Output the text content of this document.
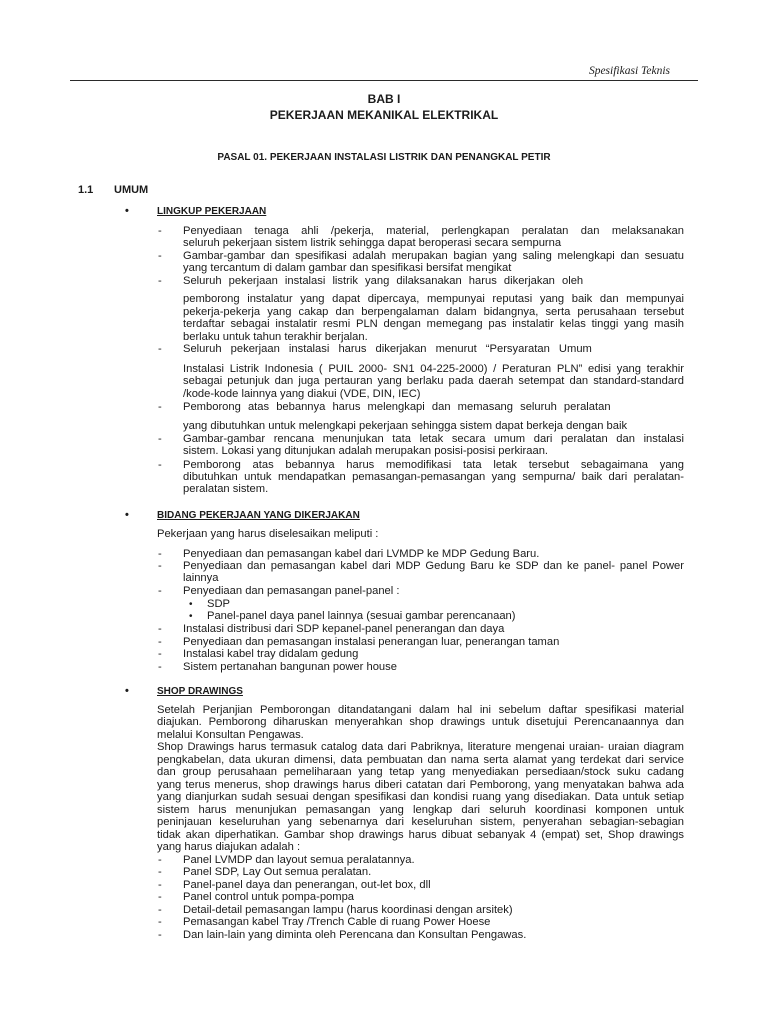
Spesifikasi Teknis
BAB I
PEKERJAAN MEKANIKAL ELEKTRIKAL
PASAL 01. PEKERJAAN INSTALASI LISTRIK DAN PENANGKAL PETIR
1.1 UMUM
•	LINGKUP PEKERJAAN
- Penyediaan tenaga ahli /pekerja, material, perlengkapan peralatan dan melaksanakan
seluruh pekerjaan sistem listrik sehingga dapat beroperasi secara sempurna
- Gambar-gambar dan spesifikasi adalah merupakan bagian yang saling melengkapi dan sesuatu
yang tercantum di dalam gambar dan spesifikasi bersifat mengikat
- Seluruh pekerjaan instalasi listrik yang dilaksanakan harus dikerjakan oleh
pemborong instalatur yang dapat dipercaya, mempunyai reputasi yang baik dan mempunyai
pekerja-pekerja yang cakap dan berpengalaman dalam bidangnya, serta perusahaan tersebut
terdaftar sebagai instalatir resmi PLN dengan memegang pas instalatir kelas tinggi yang masih
berlaku untuk tahun terakhir berjalan.
- Seluruh pekerjaan instalasi harus dikerjakan menurut “Persyaratan Umum
Instalasi Listrik Indonesia ( PUIL 2000- SN1 04-225-2000) / Peraturan PLN” edisi yang terakhir
sebagai petunjuk dan juga pertauran yang berlaku pada daerah setempat dan standard-standard
/kode-kode lainnya yang diakui (VDE, DIN, IEC)
- Pemborong atas bebannya harus melengkapi dan memasang seluruh peralatan
yang dibutuhkan untuk melengkapi pekerjaan sehingga sistem dapat berkeja dengan baik
- Gambar-gambar rencana menunjukan tata letak secara umum dari peralatan dan instalasi
sistem. Lokasi yang ditunjukan adalah merupakan posisi-posisi perkiraan.
- Pemborong atas bebannya harus memodifikasi tata letak tersebut sebagaimana yang
dibutuhkan untuk mendapatkan pemasangan-pemasangan yang sempurna/ baik dari peralatan-
peralatan sistem.
•	BIDANG PEKERJAAN YANG DIKERJAKAN
Pekerjaan yang harus diselesaikan meliputi :
- Penyediaan dan pemasangan kabel dari LVMDP ke MDP Gedung Baru.
- Penyediaan dan pemasangan kabel dari MDP Gedung Baru ke SDP dan ke panel- panel Power
lainnya
- Penyediaan dan pemasangan panel-panel :
• SDP
• Panel-panel daya panel lainnya (sesuai gambar perencanaan)
- Instalasi distribusi dari SDP kepanel-panel penerangan dan daya
- Penyediaan dan pemasangan instalasi penerangan luar, penerangan taman
- Instalasi kabel tray didalam gedung
- Sistem pertanahan bangunan power house
•	SHOP DRAWINGS
Setelah Perjanjian Pemborongan ditandatangani dalam hal ini sebelum daftar spesifikasi material
diajukan. Pemborong diharuskan menyerahkan shop drawings untuk disetujui Perencanaannya dan
melalui Konsultan Pengawas.
Shop Drawings harus termasuk catalog data dari Pabriknya, literature mengenai uraian- uraian diagram
pengkabelan, data ukuran dimensi, data pembuatan dan nama serta alamat yang terdekat dari service
dan group perusahaan pemeliharaan yang tetap yang menyediakan persediaan/stock suku cadang
yang terus menerus, shop drawings harus diberi catatan dari Pemborong, yang menyatakan bahwa ada
yang dianjurkan sudah sesuai dengan spesifikasi dan kondisi ruang yang disediakan. Data untuk setiap
sistem harus menunjukan pemasangan yang lengkap dari seluruh koordinasi komponen untuk
peninjauan keseluruhan yang sebenarnya dari keseluruhan sistem, penyerahan sebagian-sebagian
tidak akan diperhatikan. Gambar shop drawings harus dibuat sebanyak 4 (empat) set, Shop drawings
yang harus diajukan adalah :
- Panel LVMDP dan layout semua peralatannya.
- Panel SDP, Lay Out semua peralatan.
- Panel-panel daya dan penerangan, out-let box, dll
- Panel control untuk pompa-pompa
- Detail-detail pemasangan lampu (harus koordinasi dengan arsitek)
- Pemasangan kabel Tray /Trench Cable di ruang Power Hoese
- Dan lain-lain yang diminta oleh Perencana dan Konsultan Pengawas.
